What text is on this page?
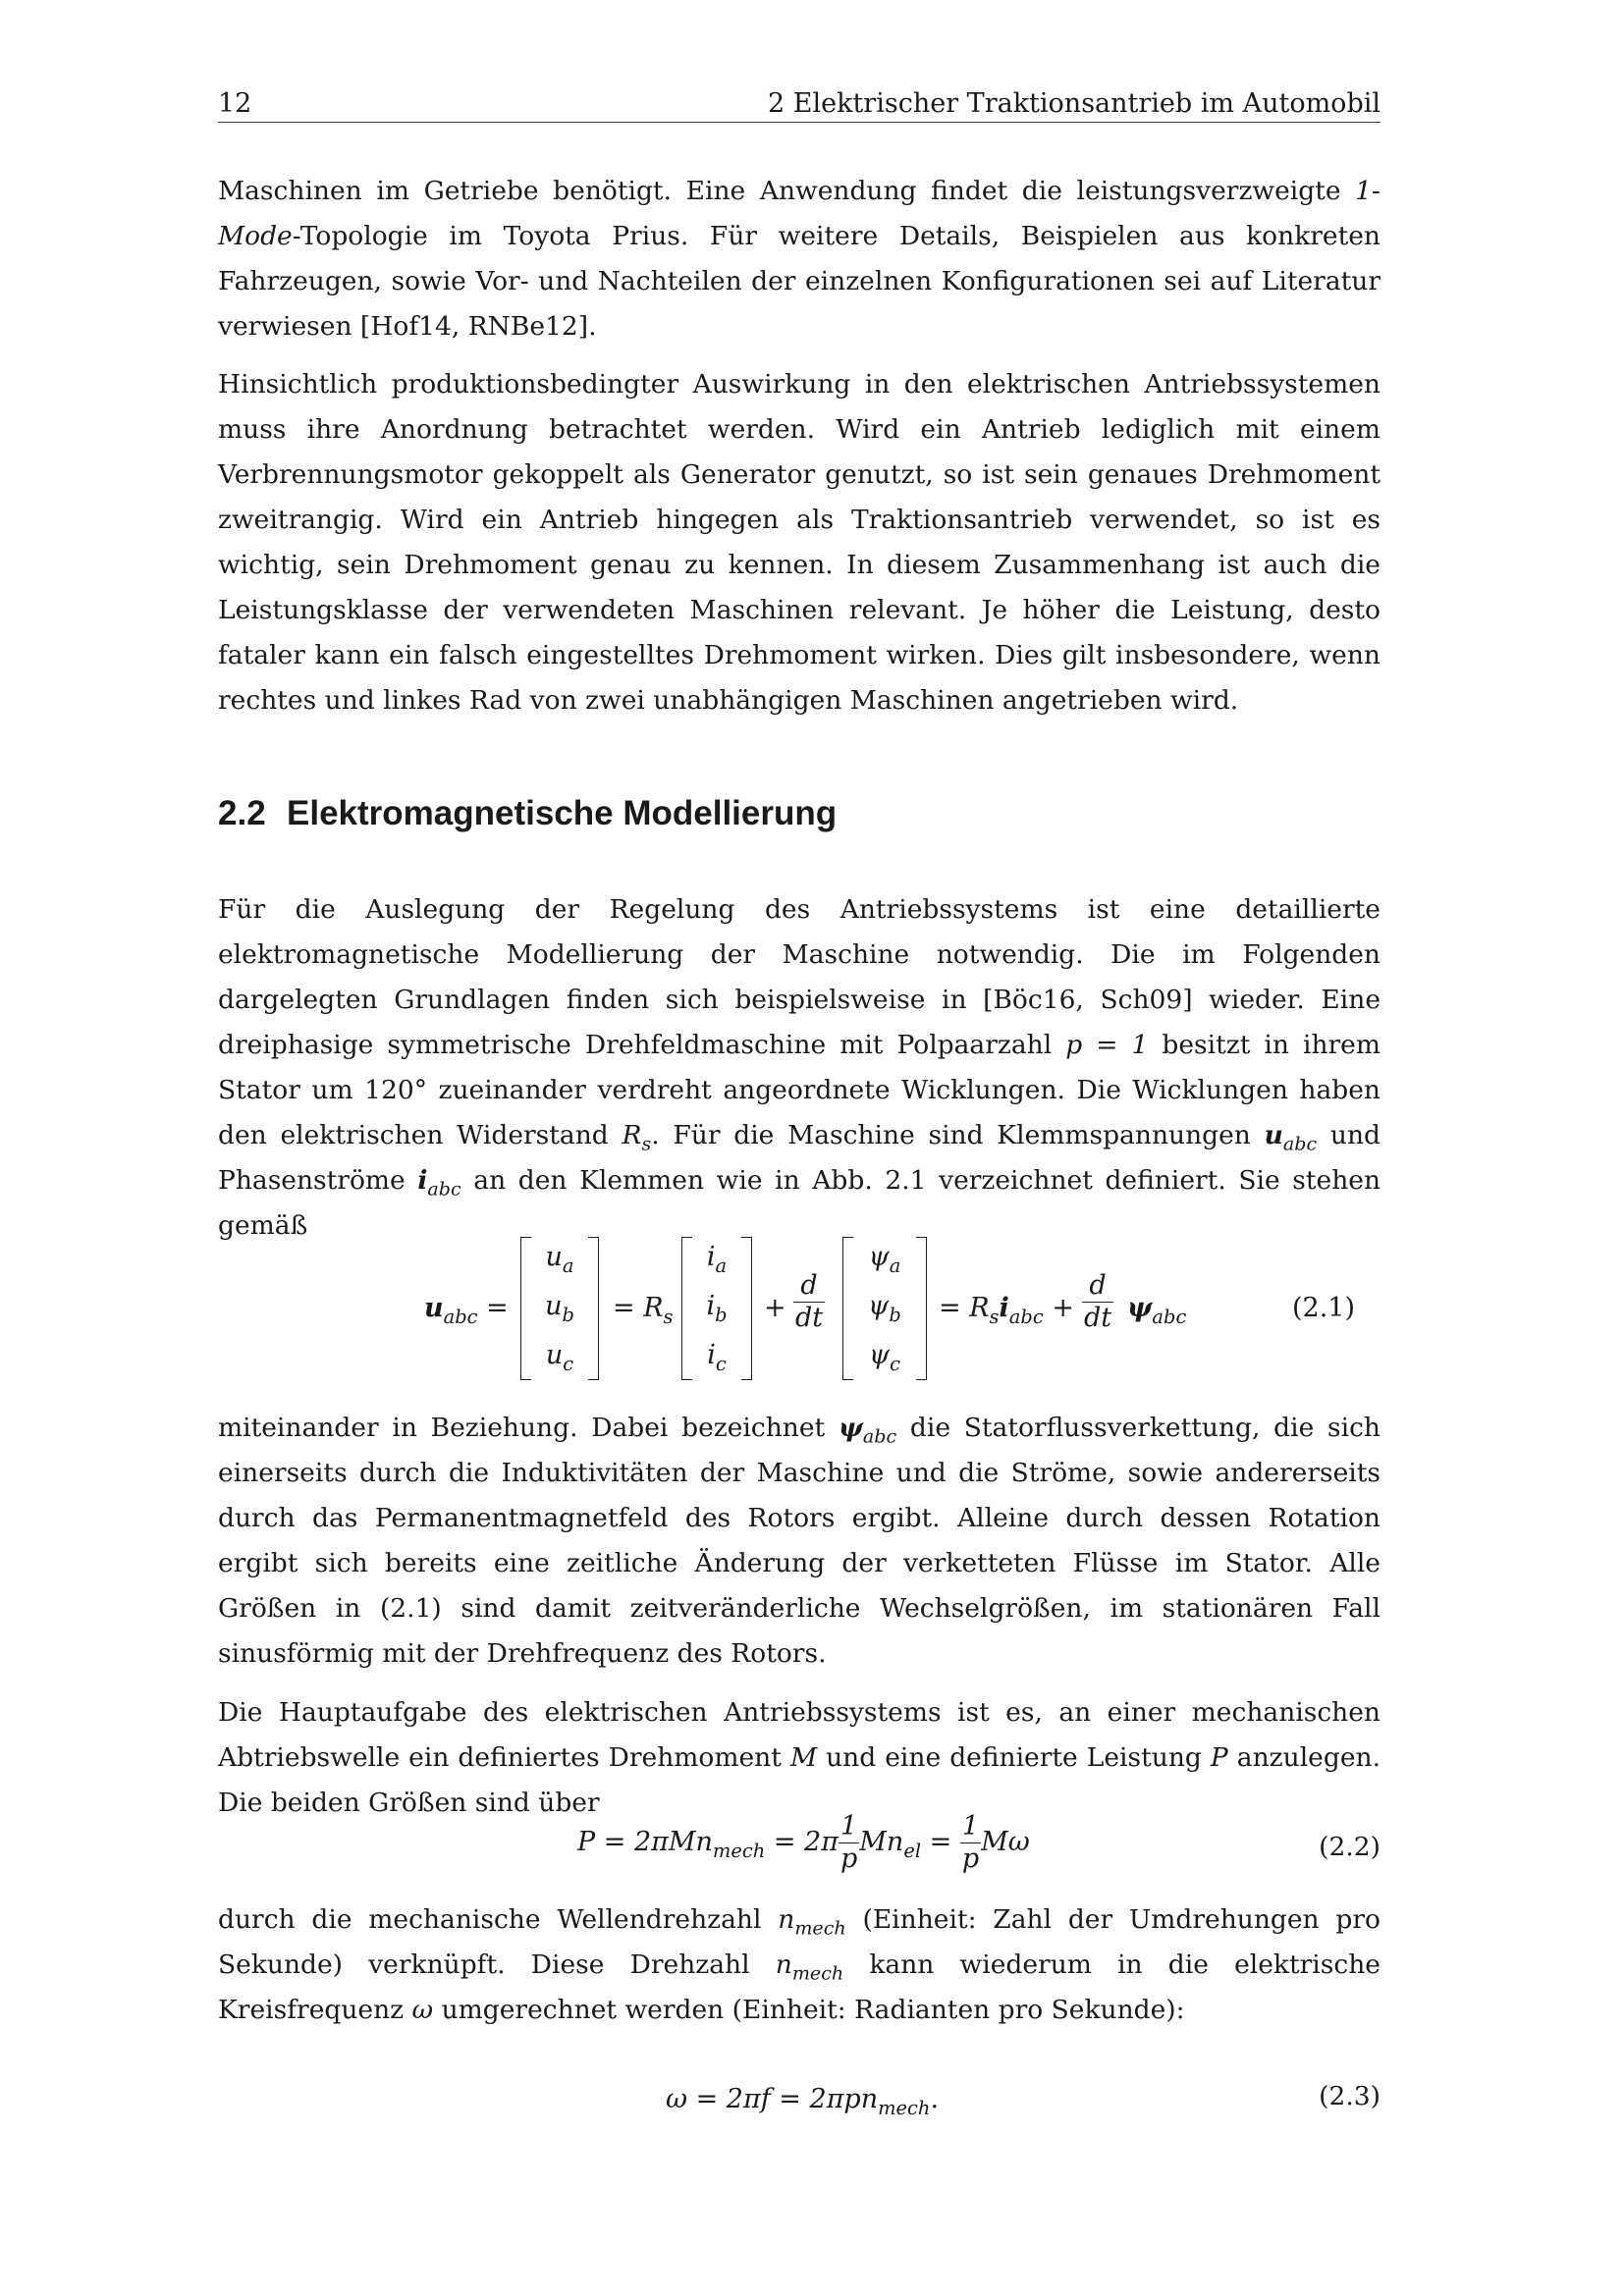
12	2 Elektrischer Traktionsantrieb im Automobil

Maschinen im Getriebe benötigt. Eine Anwendung findet die leistungsverzweigte 1-Mode-Topologie im Toyota Prius. Für weitere Details, Beispielen aus konkreten Fahrzeugen, sowie Vor- und Nachteilen der einzelnen Konfigurationen sei auf Literatur verwiesen [Hof14, RNBe12].

Hinsichtlich produktionsbedingter Auswirkung in den elektrischen Antriebssystemen muss ihre Anordnung betrachtet werden. Wird ein Antrieb lediglich mit einem Verbrennungsmotor gekoppelt als Generator genutzt, so ist sein genaues Drehmoment zweitrangig. Wird ein Antrieb hingegen als Traktionsantrieb verwendet, so ist es wichtig, sein Drehmoment genau zu kennen. In diesem Zusammenhang ist auch die Leistungsklasse der verwendeten Maschinen relevant. Je höher die Leistung, desto fataler kann ein falsch eingestelltes Drehmoment wirken. Dies gilt insbesondere, wenn rechtes und linkes Rad von zwei unabhängigen Maschinen angetrieben wird.

2.2 Elektromagnetische Modellierung

Für die Auslegung der Regelung des Antriebssystems ist eine detaillierte elektromagnetische Modellierung der Maschine notwendig. Die im Folgenden dargelegten Grundlagen finden sich beispielsweise in [Böc16, Sch09] wieder. Eine dreiphasige symmetrische Drehfeldmaschine mit Polpaarzahl p = 1 besitzt in ihrem Stator um 120° zueinander verdreht angeordnete Wicklungen. Die Wicklungen haben den elektrischen Widerstand $R_s$. Für die Maschine sind Klemmspannungen $u_{abc}$ und Phasenströme $i_{abc}$ an den Klemmen wie in Abb. 2.1 verzeichnet definiert. Sie stehen gemäß

$u_{abc}$ =
$u_a$
$u_b$
$u_c$
= $R_s$
$i_a$
$i_b$
$i_c$
+ $\frac{d}{dt}$
$\psi_a$
$\psi_b$
$\psi_c$
= $R_si_{abc} + \frac{d}{dt} \psi_{abc}$	(2.1)

miteinander in Beziehung. Dabei bezeichnet $\psi_{abc}$ die Statorflussverkettung, die sich einerseits durch die Induktivitäten der Maschine und die Ströme, sowie andererseits durch das Permanentmagnetfeld des Rotors ergibt. Alleine durch dessen Rotation ergibt sich bereits eine zeitliche Änderung der verketteten Flüsse im Stator. Alle Größen in (2.1) sind damit zeitveränderliche Wechselgrößen, im stationären Fall sinusförmig mit der Drehfrequenz des Rotors.

Die Hauptaufgabe des elektrischen Antriebssystems ist es, an einer mechanischen Abtriebswelle ein definiertes Drehmoment M und eine definierte Leistung P anzulegen. Die beiden Größen sind über

$P = 2\pi Mn_{mech} = 2\pi \frac{1}{p} Mn_{el} = \frac{1}{p}$ Mω	(2.2)

durch die mechanische Wellendrehzahl $n_{mech}$ (Einheit: Zahl der Umdrehungen pro Sekunde) verknüpft. Diese Drehzahl $n_{mech}$ kann wiederum in die elektrische Kreisfrequenz ω umgerechnet werden (Einheit: Radianten pro Sekunde):

ω = 2πf = 2πpn$_{mech}$.	(2.3)
